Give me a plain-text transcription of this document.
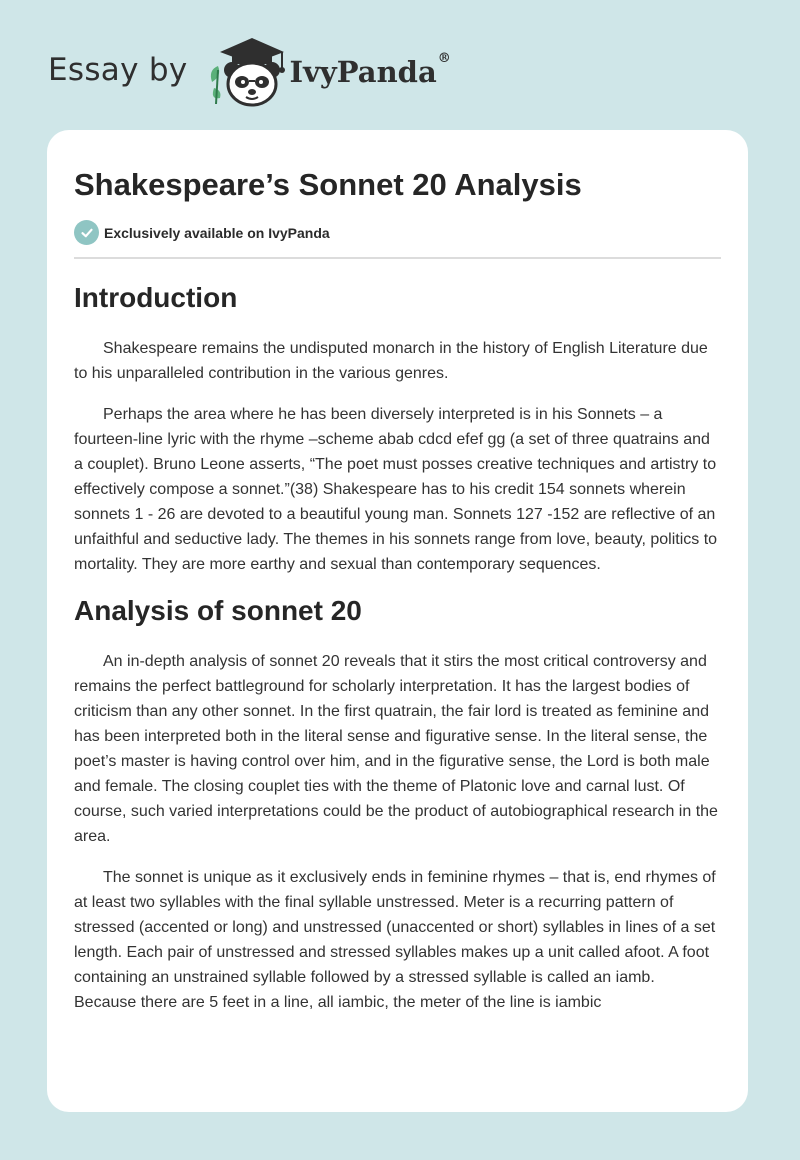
Essay by	IvyPanda®
Shakespeare’s Sonnet 20 Analysis
Exclusively available on IvyPanda
Introduction

Shakespeare remains the undisputed monarch in the history of English Literature due to his unparalleled contribution in the various genres.

Perhaps the area where he has been diversely interpreted is in his Sonnets – a fourteen-line lyric with the rhyme –scheme abab cdcd efef gg (a set of three quatrains and a couplet). Bruno Leone asserts, “The poet must posses creative techniques and artistry to effectively compose a sonnet.”(38) Shakespeare has to his credit 154 sonnets wherein sonnets 1 - 26 are devoted to a beautiful young man. Sonnets 127 -152 are reflective of an unfaithful and seductive lady. The themes in his sonnets range from love, beauty, politics to mortality. They are more earthy and sexual than contemporary sequences.

Analysis of sonnet 20

An in-depth analysis of sonnet 20 reveals that it stirs the most critical controversy and remains the perfect battleground for scholarly interpretation. It has the largest bodies of criticism than any other sonnet. In the first quatrain, the fair lord is treated as feminine and has been interpreted both in the literal sense and figurative sense. In the literal sense, the poet’s master is having control over him, and in the figurative sense, the Lord is both male and female. The closing couplet ties with the theme of Platonic love and carnal lust. Of course, such varied interpretations could be the product of autobiographical research in the area.

The sonnet is unique as it exclusively ends in feminine rhymes – that is, end rhymes of at least two syllables with the final syllable unstressed. Meter is a recurring pattern of stressed (accented or long) and unstressed (unaccented or short) syllables in lines of a set length. Each pair of unstressed and stressed syllables makes up a unit called afoot. A foot containing an unstrained syllable followed by a stressed syllable is called an iamb. Because there are 5 feet in a line, all iambic, the meter of the line is iambic
